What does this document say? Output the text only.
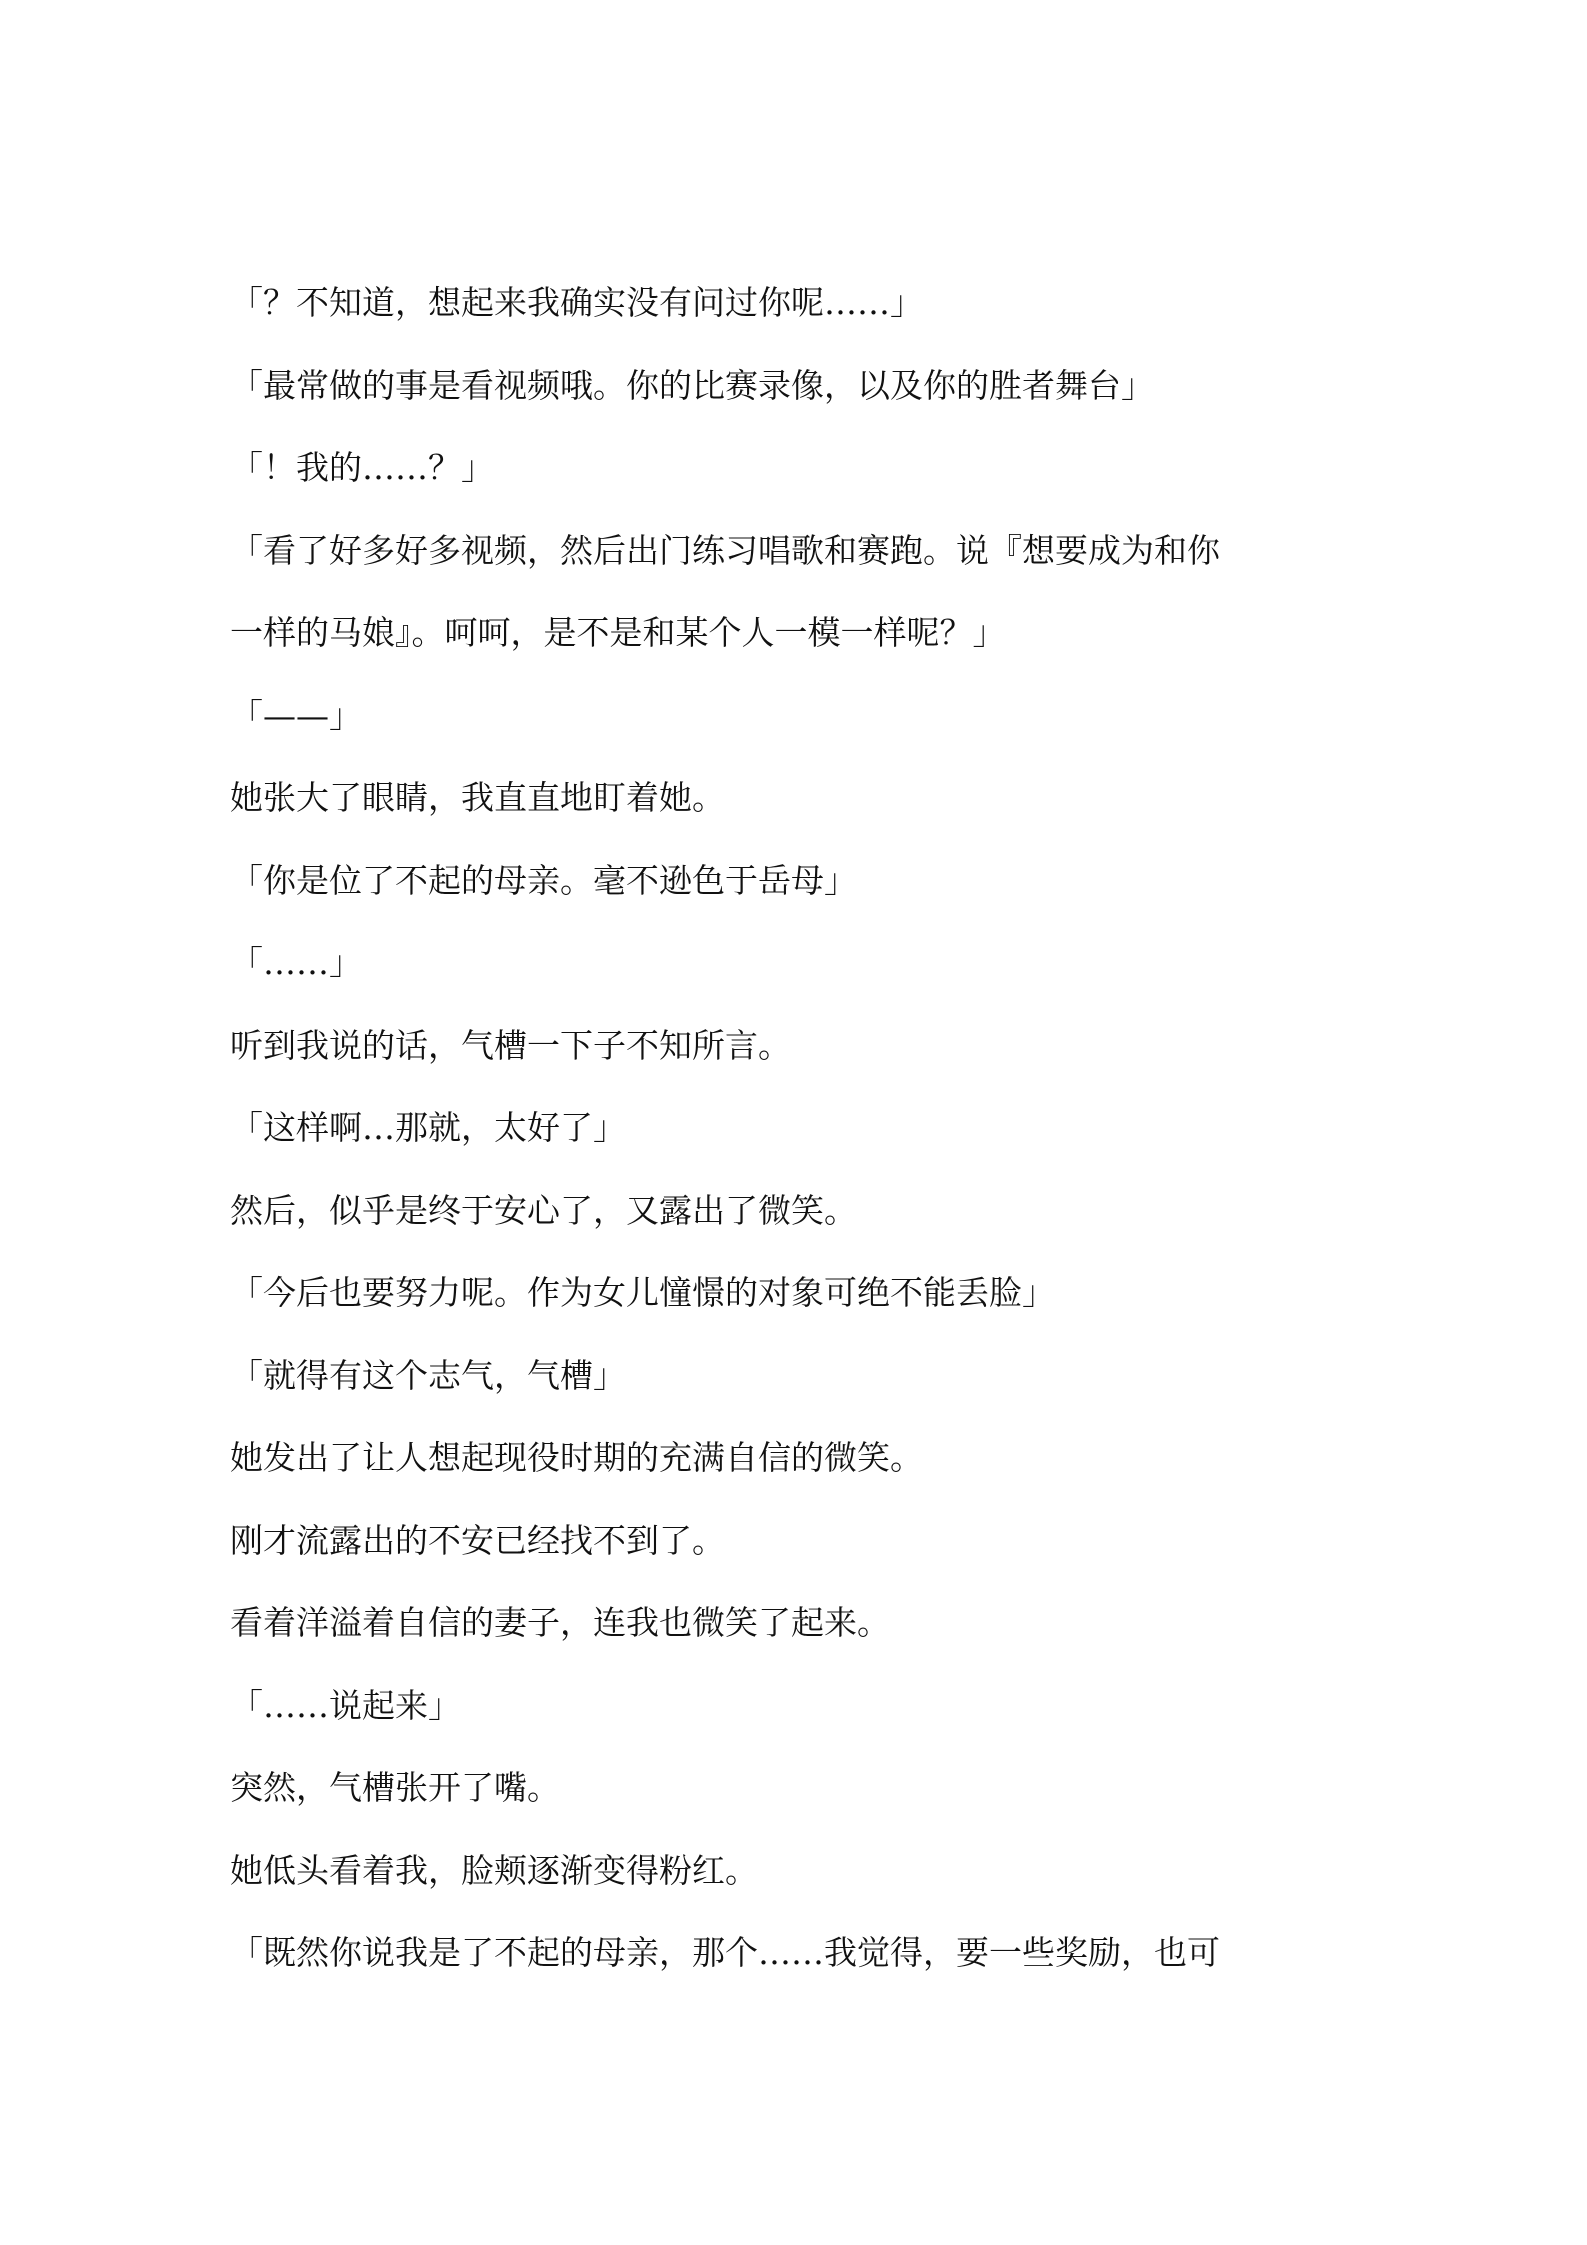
「？不知道，想起来我确实没有问过你呢……」

「最常做的事是看视频哦。你的比赛录像，以及你的胜者舞台」

「！我的……？」

「看了好多好多视频，然后出门练习唱歌和赛跑。说『想要成为和你

一样的马娘』。呵呵，是不是和某个人一模一样呢？」

「——」

她张大了眼睛，我直直地盯着她。

「你是位了不起的母亲。毫不逊色于岳母」

「……」

听到我说的话，气槽一下子不知所言。

「这样啊…那就，太好了」

然后，似乎是终于安心了，又露出了微笑。

「今后也要努力呢。作为女儿憧憬的对象可绝不能丢脸」

「就得有这个志气，气槽」

她发出了让人想起现役时期的充满自信的微笑。

刚才流露出的不安已经找不到了。

看着洋溢着自信的妻子，连我也微笑了起来。

「……说起来」

突然，气槽张开了嘴。

她低头看着我，脸颊逐渐变得粉红。

「既然你说我是了不起的母亲，那个……我觉得，要一些奖励，也可
